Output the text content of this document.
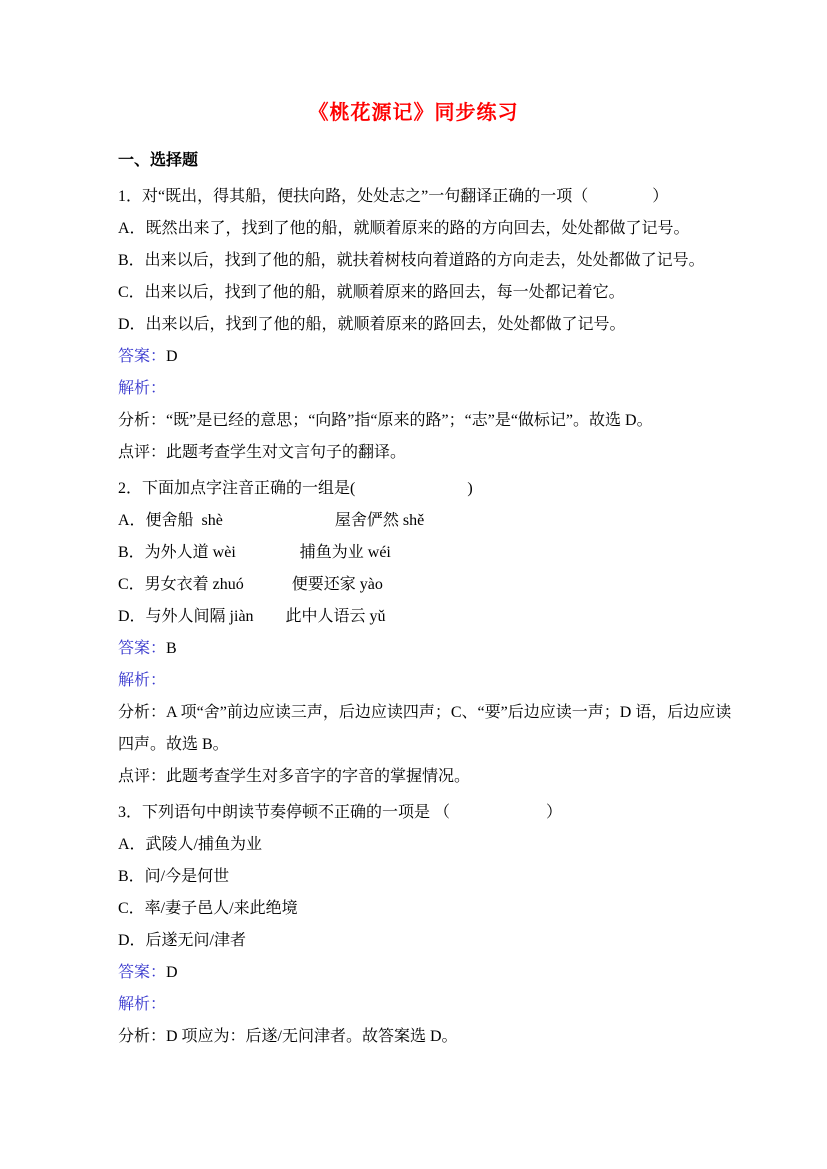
《桃花源记》同步练习
一、选择题

1．对“既出，得其船，便扶向路，处处志之”一句翻译正确的一项（　　　　）

A．既然出来了，找到了他的船，就顺着原来的路的方向回去，处处都做了记号。

B．出来以后，找到了他的船，就扶着树枝向着道路的方向走去，处处都做了记号。

C．出来以后，找到了他的船，就顺着原来的路回去，每一处都记着它。

D．出来以后，找到了他的船，就顺着原来的路回去，处处都做了记号。

答案：D

解析：

分析：“既”是已经的意思；“向路”指“原来的路”；“志”是“做标记”。故选 D。

点评：此题考查学生对文言句子的翻译。

2．下面加点字注音正确的一组是(　　　　　　　)

A．便舍船  shè　　　　　　　屋舍俨然 shě

B．为外人道 wèi　　　　捕鱼为业 wéi

C．男女衣着 zhuó　　　便要还家 yào

D．与外人间隔 jiàn　　此中人语云 yǔ

答案：B

解析：

分析：A 项“舍”前边应读三声，后边应读四声；C、“要”后边应读一声；D 语，后边应读

四声。故选 B。

点评：此题考查学生对多音字的字音的掌握情况。

3．下列语句中朗读节奏停顿不正确的一项是 （　　　　　　）

A．武陵人/捕鱼为业

B．问/今是何世

C．率/妻子邑人/来此绝境

D．后遂无问/津者

答案：D

解析：

分析：D 项应为：后遂/无问津者。故答案选 D。
